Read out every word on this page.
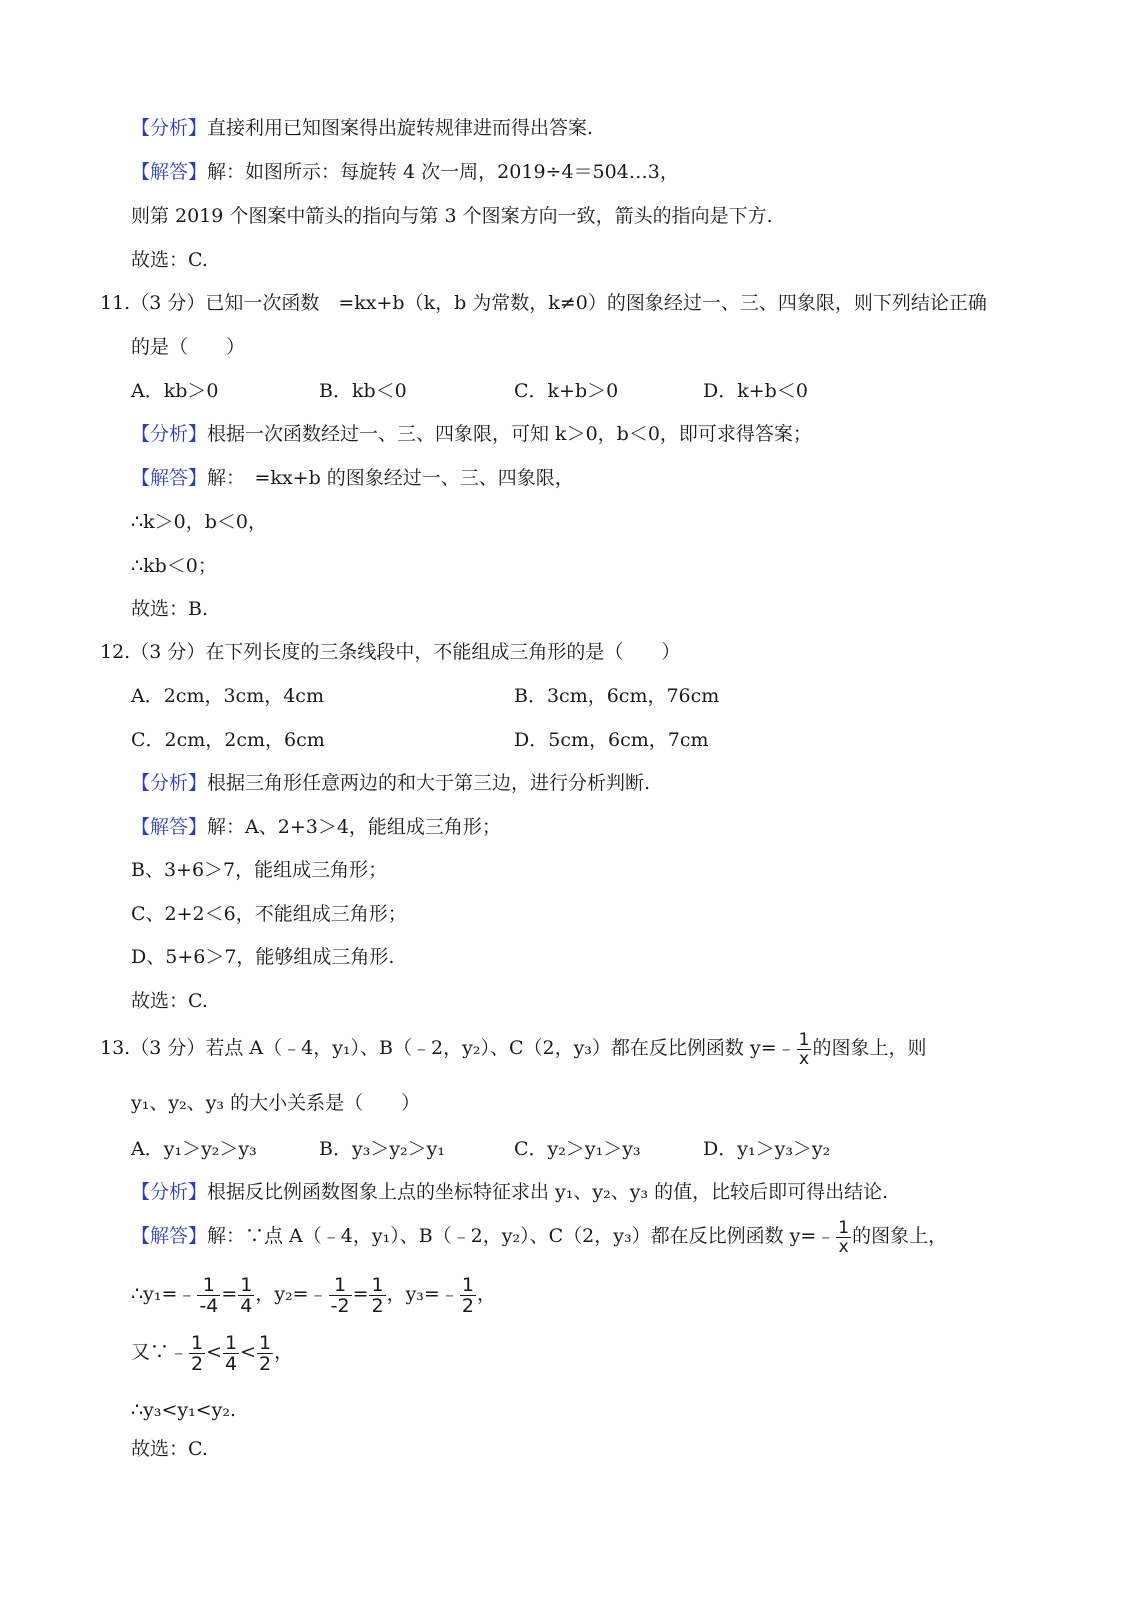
【分析】直接利用已知图案得出旋转规律进而得出答案.
【解答】解：如图所示：每旋转 4 次一周，2019÷4＝504…3，
则第 2019 个图案中箭头的指向与第 3 个图案方向一致，箭头的指向是下方.
故选：C.
11.（3 分）已知一次函数　=kx+b（k，b 为常数，k≠0）的图象经过一、三、四象限，则下列结论正确
的是（　　）
A．kb＞0	B．kb＜0	C．k+b＞0	D．k+b＜0
【分析】根据一次函数经过一、三、四象限，可知 k＞0，b＜0，即可求得答案；
【解答】解：　=kx+b 的图象经过一、三、四象限，
∴k＞0，b＜0，
∴kb＜0；
故选：B.
12.（3 分）在下列长度的三条线段中，不能组成三角形的是（　　）
A．2cm，3cm，4cm	B．3cm，6cm，76cm
C．2cm，2cm，6cm	D．5cm，6cm，7cm
【分析】根据三角形任意两边的和大于第三边，进行分析判断.
【解答】解：A、2+3＞4，能组成三角形；
B、3+6＞7，能组成三角形；
C、2+2＜6，不能组成三角形；
D、5+6＞7，能够组成三角形.
故选：C.
13.（3 分）若点 A（﹣4，y₁）、B（﹣2，y₂）、C（2，y₃）都在反比例函数 y=﹣ $\frac{1}{x}$ 的图象上，则
y₁、y₂、y₃ 的大小关系是（　　）
A．y₁＞y₂＞y₃	B．y₃＞y₂＞y₁	C．y₂＞y₁＞y₃	D．y₁＞y₃＞y₂
【分析】根据反比例函数图象上点的坐标特征求出 y₁、y₂、y₃ 的值，比较后即可得出结论.
【解答】解：∵点 A（﹣4，y₁）、B（﹣2，y₂）、C（2，y₃）都在反比例函数 y=﹣ $\frac{1}{x}$ 的图象上，
∴y₁=﹣ $\frac{1}{-4} = \frac{1}{4}$ ，y₂=﹣ $\frac{1}{-2} = \frac{1}{2}$ ，y₃=﹣ $\frac{1}{2}$ ，
又∵﹣ $\frac{1}{2} < \frac{1}{4} < \frac{1}{2}$ ，
∴y₃<y₁<y₂.
故选：C.
